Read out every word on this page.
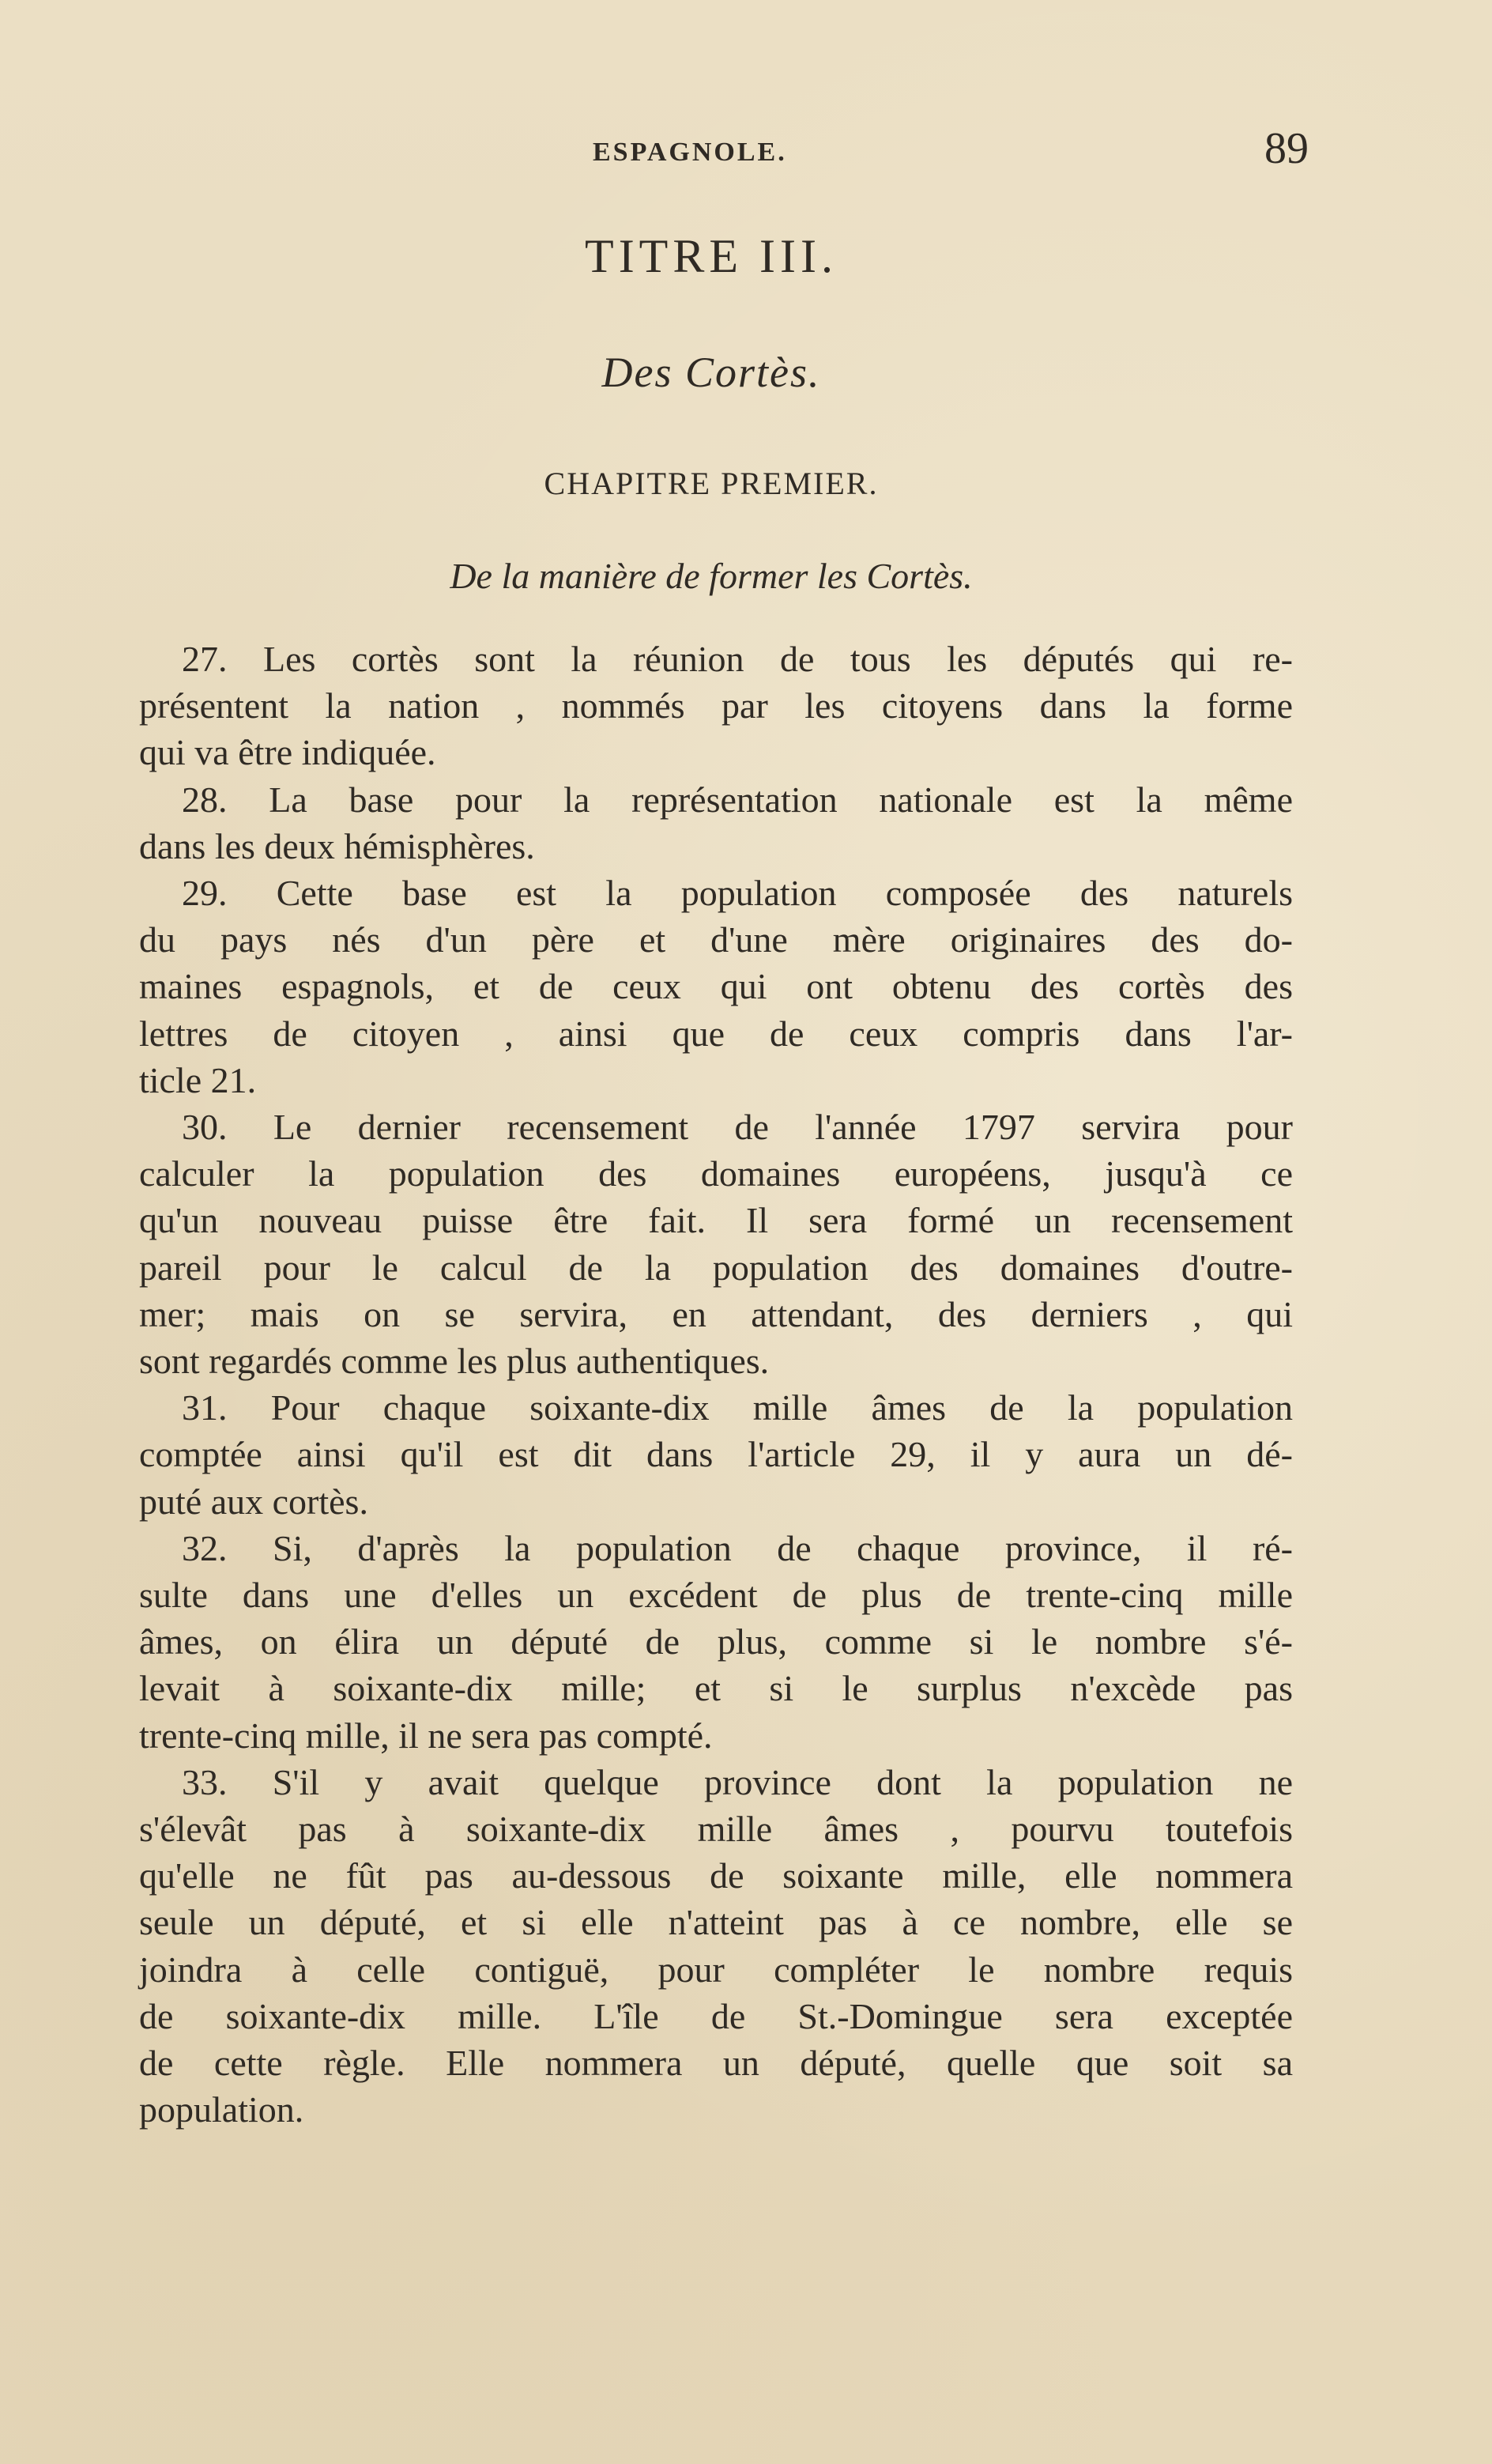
ESPAGNOLE.	89
TITRE III.
Des Cortès.
CHAPITRE PREMIER.
De la manière de former les Cortès.
27. Les cortès sont la réunion de tous les députés qui re-
présentent la nation , nommés par les citoyens dans la forme
qui va être indiquée.
28. La base pour la représentation nationale est la même
dans les deux hémisphères.
29. Cette base est la population composée des naturels
du pays nés d'un père et d'une mère originaires des do-
maines espagnols, et de ceux qui ont obtenu des cortès des
lettres de citoyen , ainsi que de ceux compris dans l'ar-
ticle 21.
30. Le dernier recensement de l'année 1797 servira pour
calculer la population des domaines européens, jusqu'à ce
qu'un nouveau puisse être fait. Il sera formé un recensement
pareil pour le calcul de la population des domaines d'outre-
mer; mais on se servira, en attendant, des derniers , qui
sont regardés comme les plus authentiques.
31. Pour chaque soixante-dix mille âmes de la population
comptée ainsi qu'il est dit dans l'article 29, il y aura un dé-
puté aux cortès.
32. Si, d'après la population de chaque province, il ré-
sulte dans une d'elles un excédent de plus de trente-cinq mille
âmes, on élira un député de plus, comme si le nombre s'é-
levait à soixante-dix mille; et si le surplus n'excède pas
trente-cinq mille, il ne sera pas compté.
33. S'il y avait quelque province dont la population ne
s'élevât pas à soixante-dix mille âmes , pourvu toutefois
qu'elle ne fût pas au-dessous de soixante mille, elle nommera
seule un député, et si elle n'atteint pas à ce nombre, elle se
joindra à celle contiguë, pour compléter le nombre requis
de soixante-dix mille. L'île de St.-Domingue sera exceptée
de cette règle. Elle nommera un député, quelle que soit sa
population.
